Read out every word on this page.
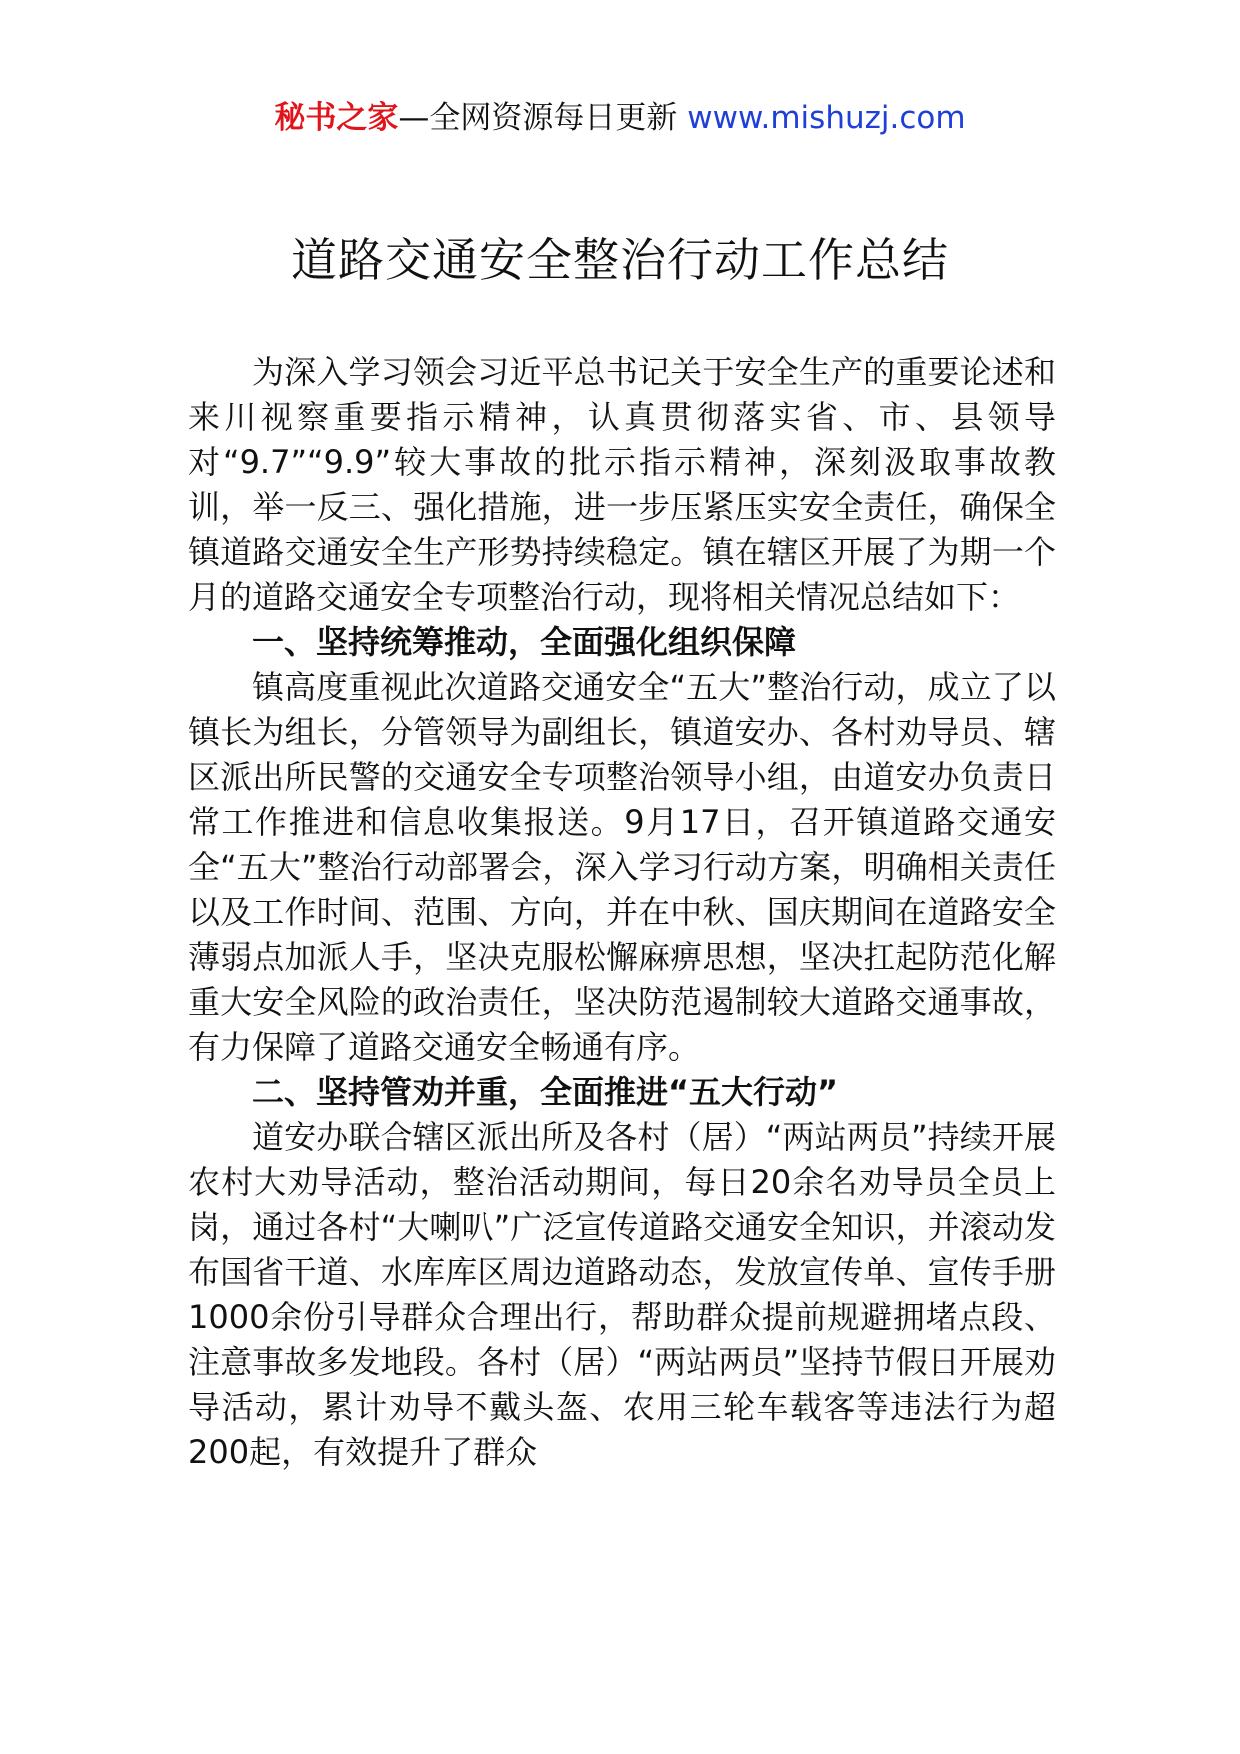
秘书之家—全网资源每日更新 www.mishuzj.com
道路交通安全整治行动工作总结

为深入学习领会习近平总书记关于安全生产的重要论述和来川视察重要指示精神，认真贯彻落实省、市、县领导对“9.7”“9.9”较大事故的批示指示精神，深刻汲取事故教训，举一反三、强化措施，进一步压紧压实安全责任，确保全镇道路交通安全生产形势持续稳定。镇在辖区开展了为期一个月的道路交通安全专项整治行动，现将相关情况总结如下：

一、坚持统筹推动，全面强化组织保障

镇高度重视此次道路交通安全“五大”整治行动，成立了以镇长为组长，分管领导为副组长，镇道安办、各村劝导员、辖区派出所民警的交通安全专项整治领导小组，由道安办负责日常工作推进和信息收集报送。9月17日，召开镇道路交通安全“五大”整治行动部署会，深入学习行动方案，明确相关责任以及工作时间、范围、方向，并在中秋、国庆期间在道路安全薄弱点加派人手，坚决克服松懈麻痹思想，坚决扛起防范化解重大安全风险的政治责任，坚决防范遏制较大道路交通事故，有力保障了道路交通安全畅通有序。

二、坚持管劝并重，全面推进“五大行动”

道安办联合辖区派出所及各村（居）“两站两员”持续开展农村大劝导活动，整治活动期间，每日20余名劝导员全员上岗，通过各村“大喇叭”广泛宣传道路交通安全知识，并滚动发布国省干道、水库库区周边道路动态，发放宣传单、宣传手册1000余份引导群众合理出行，帮助群众提前规避拥堵点段、注意事故多发地段。各村（居）“两站两员”坚持节假日开展劝导活动，累计劝导不戴头盔、农用三轮车载客等违法行为超200起，有效提升了群众
